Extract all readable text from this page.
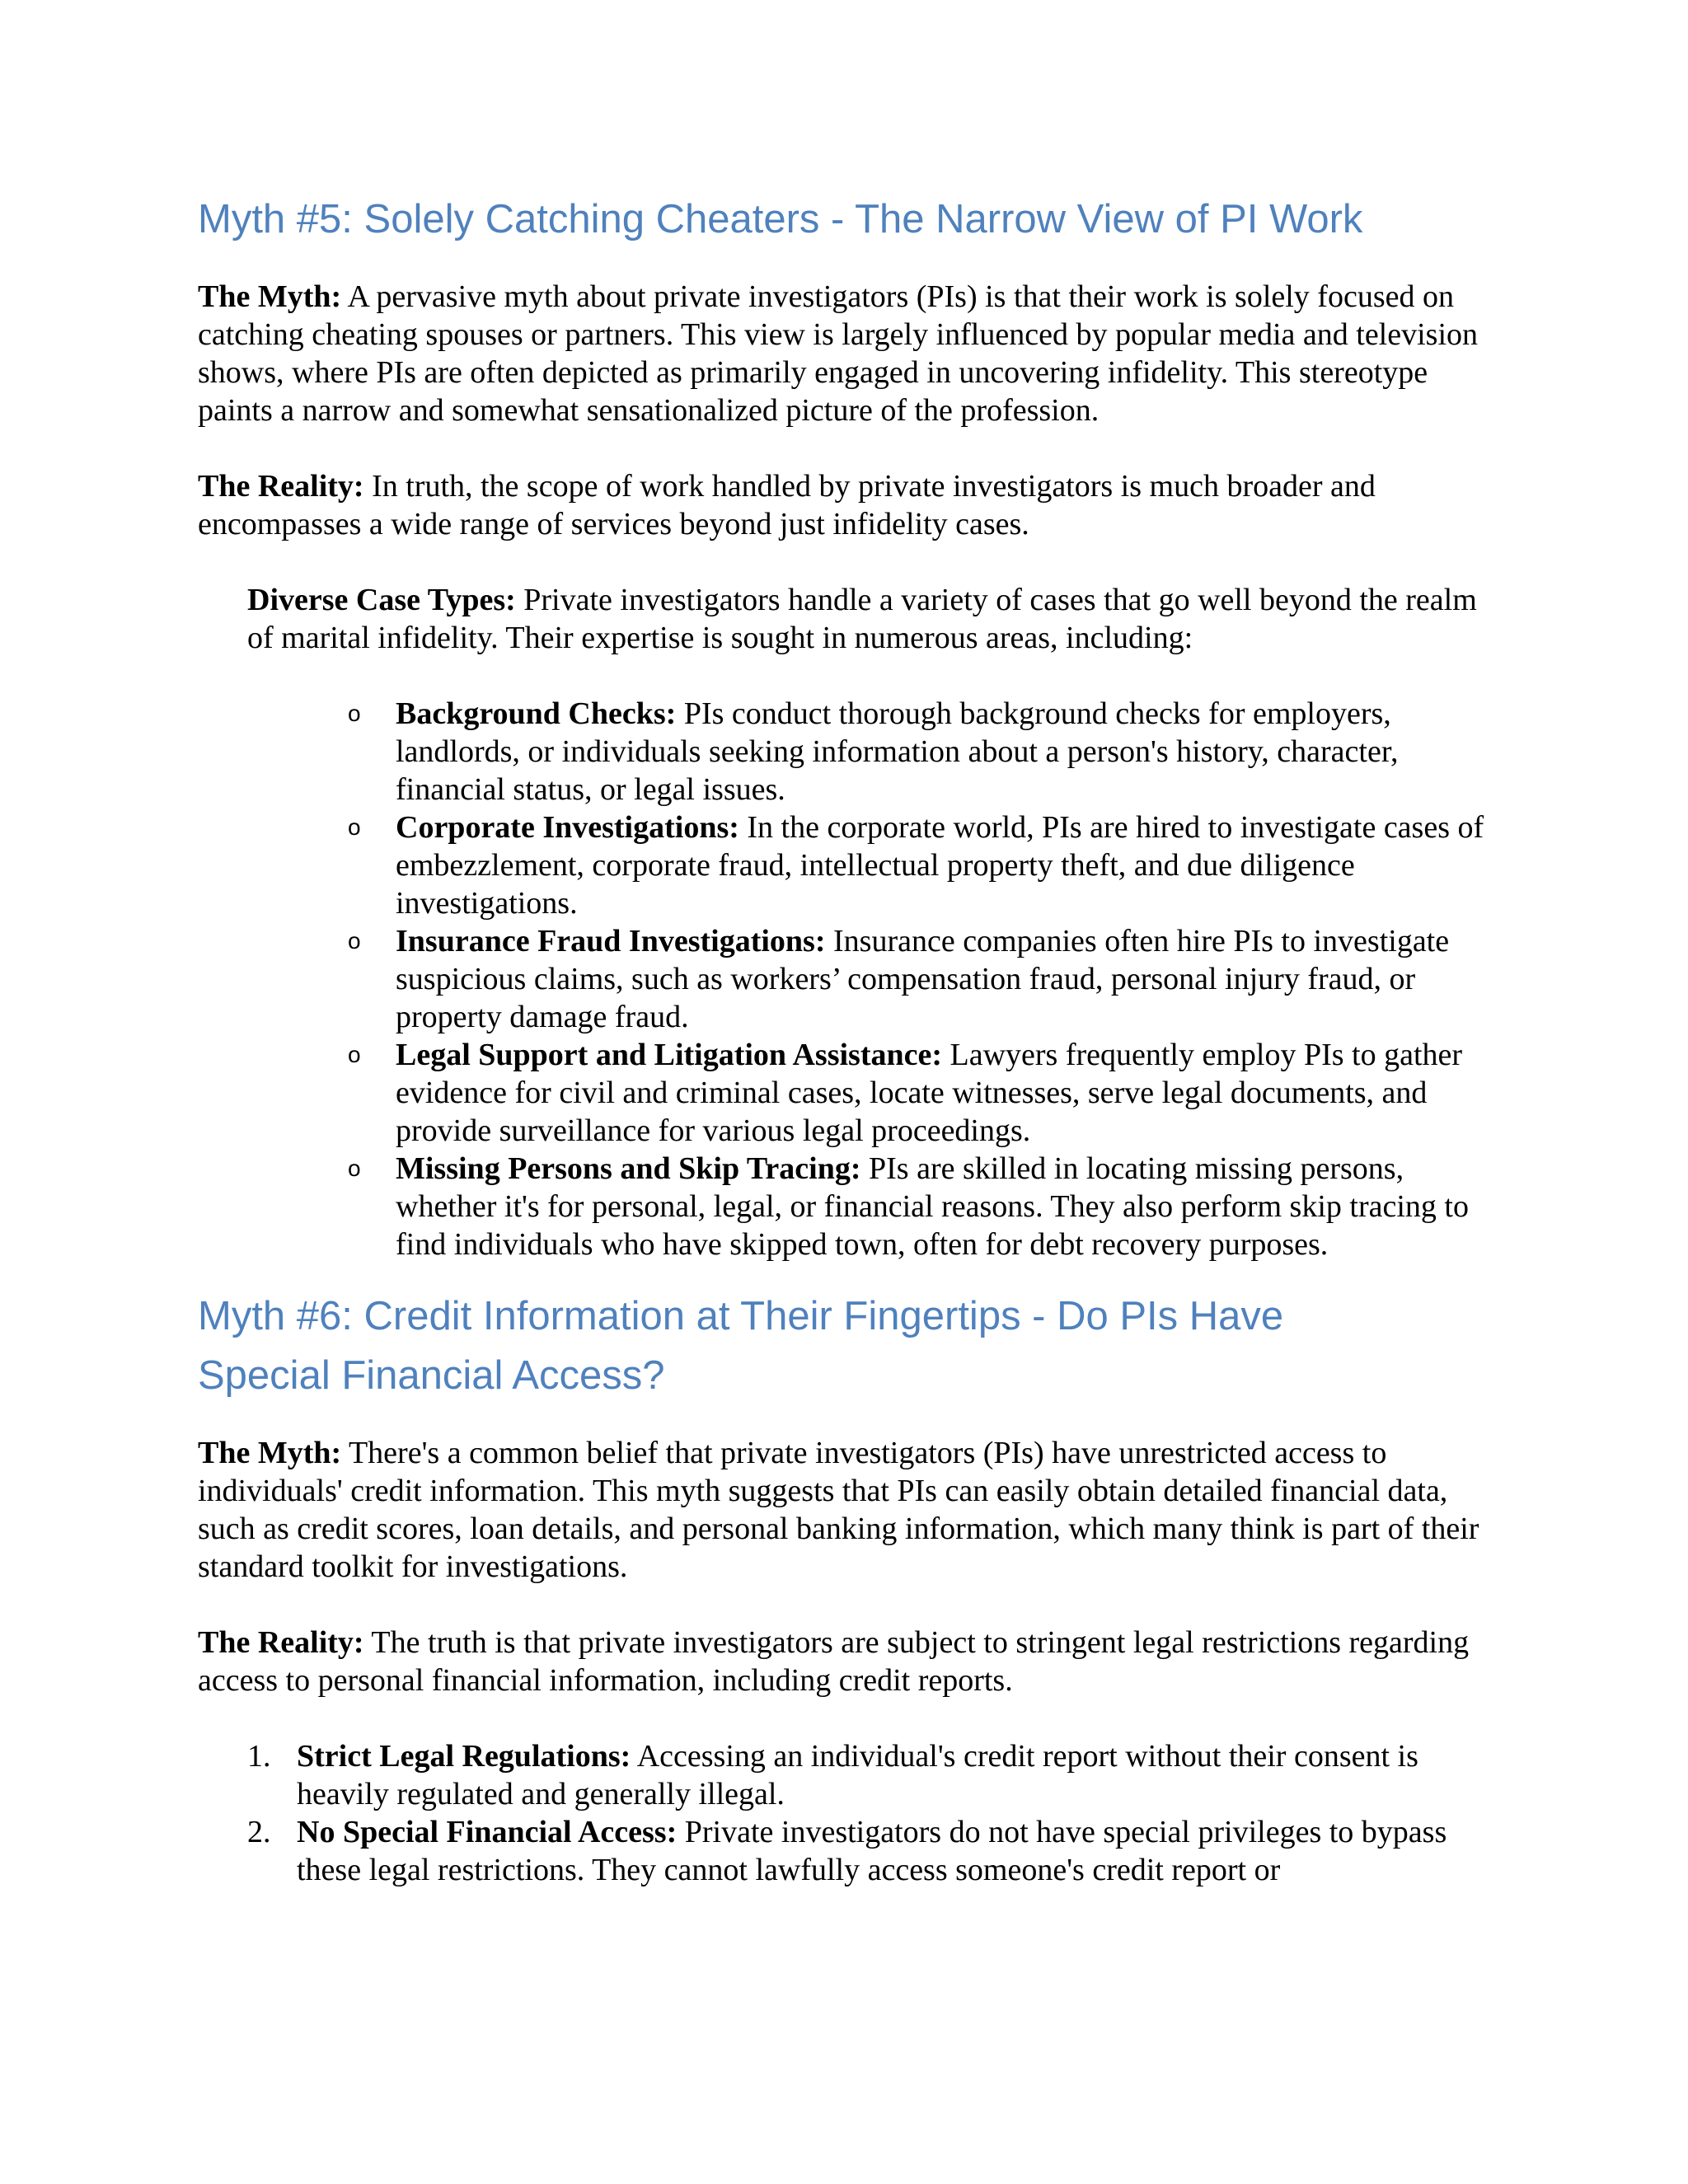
Myth #5: Solely Catching Cheaters - The Narrow View of PI Work

The Myth: A pervasive myth about private investigators (PIs) is that their work is solely focused on catching cheating spouses or partners. This view is largely influenced by popular media and television shows, where PIs are often depicted as primarily engaged in uncovering infidelity. This stereotype paints a narrow and somewhat sensationalized picture of the profession.

The Reality: In truth, the scope of work handled by private investigators is much broader and encompasses a wide range of services beyond just infidelity cases.

Diverse Case Types: Private investigators handle a variety of cases that go well beyond the realm of marital infidelity. Their expertise is sought in numerous areas, including:

o Background Checks: PIs conduct thorough background checks for employers, landlords, or individuals seeking information about a person's history, character, financial status, or legal issues.
o Corporate Investigations: In the corporate world, PIs are hired to investigate cases of embezzlement, corporate fraud, intellectual property theft, and due diligence investigations.
o Insurance Fraud Investigations: Insurance companies often hire PIs to investigate suspicious claims, such as workers’ compensation fraud, personal injury fraud, or property damage fraud.
o Legal Support and Litigation Assistance: Lawyers frequently employ PIs to gather evidence for civil and criminal cases, locate witnesses, serve legal documents, and provide surveillance for various legal proceedings.
o Missing Persons and Skip Tracing: PIs are skilled in locating missing persons, whether it's for personal, legal, or financial reasons. They also perform skip tracing to find individuals who have skipped town, often for debt recovery purposes.
Myth #6: Credit Information at Their Fingertips - Do PIs Have
Special Financial Access?

The Myth: There's a common belief that private investigators (PIs) have unrestricted access to individuals' credit information. This myth suggests that PIs can easily obtain detailed financial data, such as credit scores, loan details, and personal banking information, which many think is part of their standard toolkit for investigations.

The Reality: The truth is that private investigators are subject to stringent legal restrictions regarding access to personal financial information, including credit reports.

1. Strict Legal Regulations: Accessing an individual's credit report without their consent is heavily regulated and generally illegal.
2. No Special Financial Access: Private investigators do not have special privileges to bypass these legal restrictions. They cannot lawfully access someone's credit report or
